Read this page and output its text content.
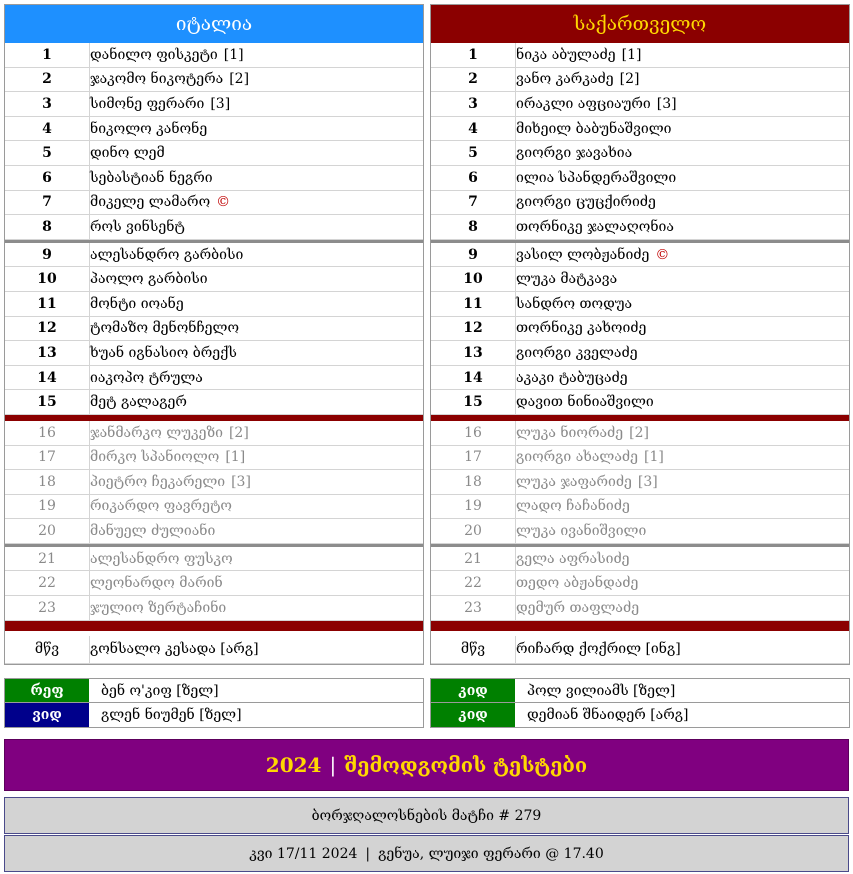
იტალია
1	დანილო ფისკეტი [1]
2	ჯაკომო ნიკოტერა [2]
3	სიმონე ფერარი [3]
4	ნიკოლო კანონე
5	დინო ლემ
6	სებასტიან ნეგრი
7	მიკელე ლამარო ©
8	როს ვინსენტ
9	ალესანდრო გარბისი
10	პაოლო გარბისი
11	მონტი იოანე
12	ტომაზო მენონჩელო
13	ხუან იგნასიო ბრექს
14	იაკოპო ტრულა
15	მეტ გალაგერ
16	ჯანმარკო ლუკეზი [2]
17	მირკო სპანიოლო [1]
18	პიეტრო ჩეკარელი [3]
19	რიკარდო ფავრეტო
20	მანუელ ძულიანი
21	ალესანდრო ფუსკო
22	ლეონარდო მარინ
23	ჯულიო ზერტაჩინი
მწვ	გონსალო კესადა [არგ]
საქართველო
1	ნიკა აბულაძე [1]
2	ვანო კარკაძე [2]
3	ირაკლი აფციაური [3]
4	მიხეილ ბაბუნაშვილი
5	გიორგი ჯავახია
6	ილია სპანდერაშვილი
7	გიორგი ცუცქირიძე
8	თორნიკე ჯალაღონია
9	ვასილ ლობჟანიძე ©
10	ლუკა მატკავა
11	სანდრო თოდუა
12	თორნიკე კახოიძე
13	გიორგი კველაძე
14	აკაკი ტაბუცაძე
15	დავით ნინიაშვილი
16	ლუკა ნიორაძე [2]
17	გიორგი ახალაძე [1]
18	ლუკა ჯაფარიძე [3]
19	ლადო ჩაჩანიძე
20	ლუკა ივანიშვილი
21	გელა აფრასიძე
22	თედო აბჟანდაძე
23	დემურ თაფლაძე
მწვ	რიჩარდ ქოქრილ [ინგ]
რეფ	ბენ ო'კიფ [ზელ]
ვიდ	გლენ ნიუმენ [ზელ]
კიდ	პოლ ვილიამს [ზელ]
კიდ	დემიან შნაიდერ [არგ]
2024 | შემოდგომის ტესტები
ბორჯღალოსნების მატჩი # 279
კვი 17/11 2024 | გენუა, ლუიჯი ფერარი @ 17.40
